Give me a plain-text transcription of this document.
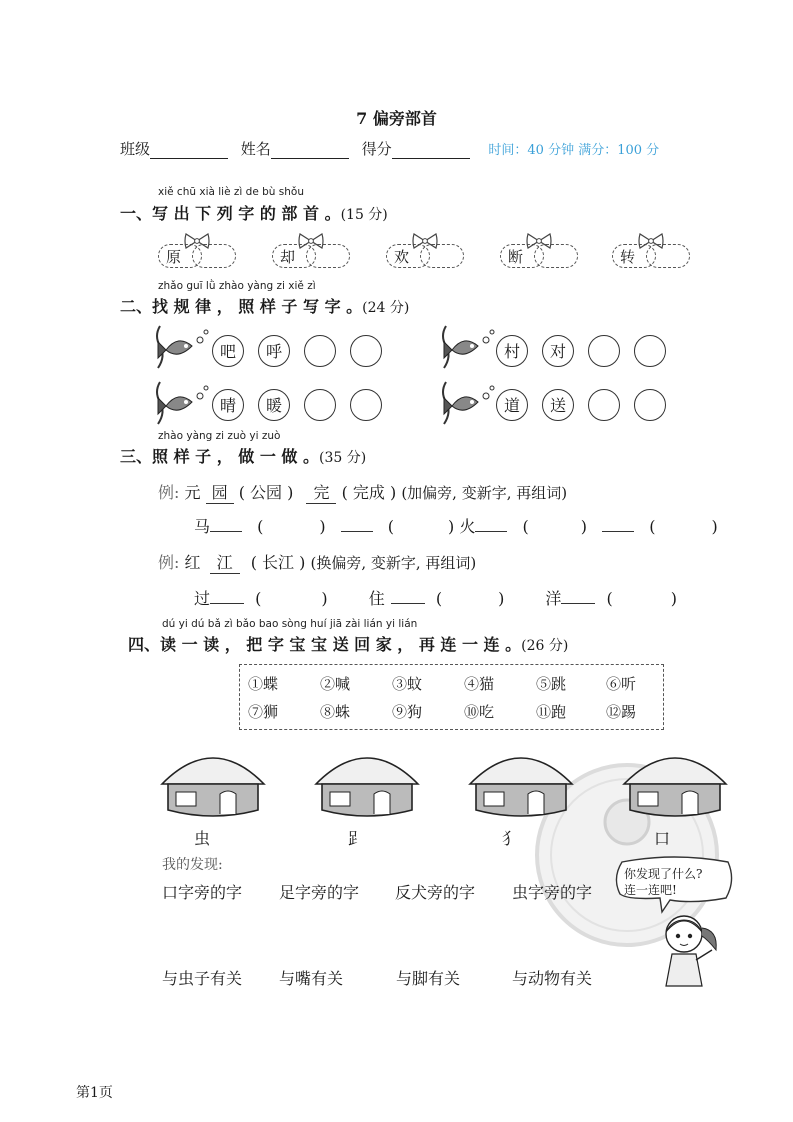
7 偏旁部首
班级	姓名	得分	时间：40 分钟 满分：100 分
xiě chū xià liè zì de bù shǒu
一、写 出 下 列 字 的 部 首 。(15 分)
原	却	欢	断	转
zhǎo guī lǜ zhào yàng zi xiě zì
二、找 规 律 ， 照 样 子 写 字 。(24 分)
吧	呼	村	对
晴	暖	道	送
zhào yàng zi zuò yi zuò
三、照 样 子 ， 做 一 做 。(35 分)
例: 元 园 ( 公园 ) 完 ( 完成 ) (加偏旁, 变新字, 再组词)
马	(	)	(	) 火	(	)	(	)
例: 红 江 ( 长江 ) (换偏旁, 变新字, 再组词)
过	(	)	住	(	)	洋	(	)
dú yi dú bǎ zì bǎo bao sòng huí jiā zài lián yi lián
四、读 一 读 ， 把 字 宝 宝 送 回 家 ， 再 连 一 连 。(26 分)
①蝶	②喊	③蚊	④猫	⑤跳	⑥听
⑦狮	⑧蛛	⑨狗	⑩吃	⑪跑	⑫踢
虫	𧾷	犭	口
我的发现:
口字旁的字 足字旁的字 反犬旁的字 虫字旁的字
与虫子有关 与嘴有关	与脚有关	与动物有关
你发现了什么?
连一连吧!
第1页
